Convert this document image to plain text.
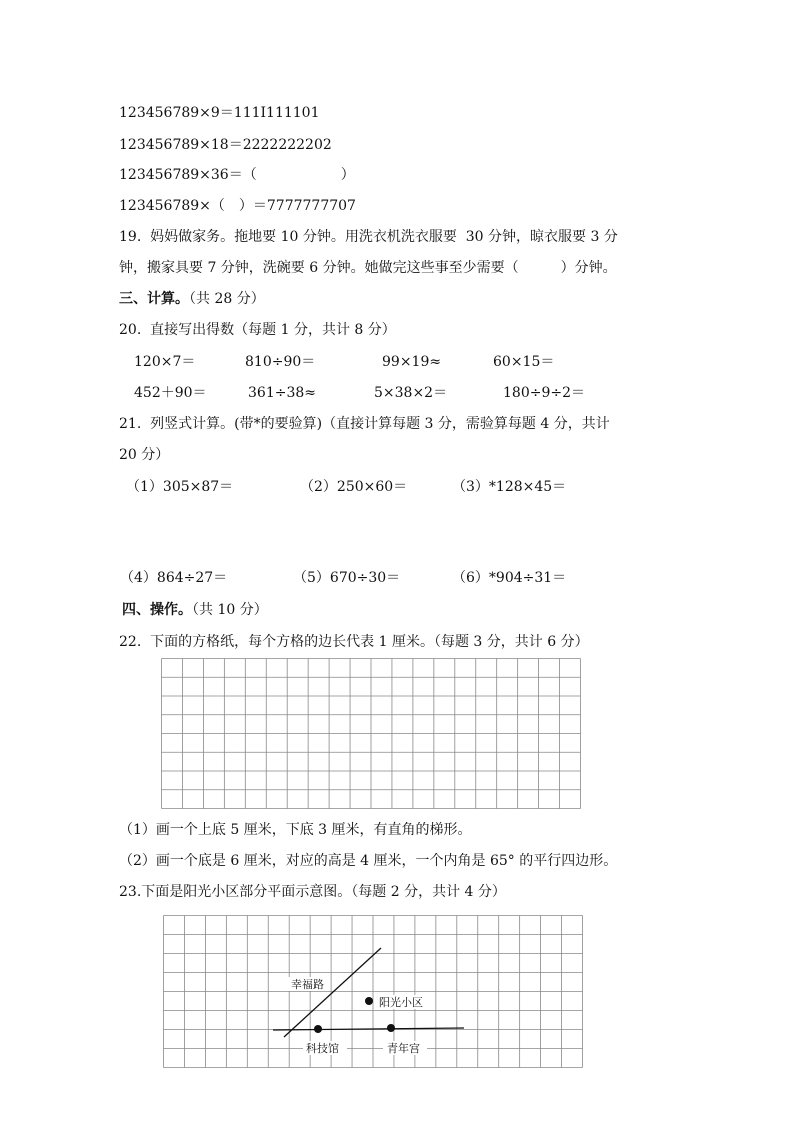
123456789×9＝111I111101
123456789×18＝2222222202
123456789×36＝（　　　　　　）
123456789×（　）＝7777777707
19.  妈妈做家务。拖地要 10 分钟。用洗衣机洗衣服要  30 分钟，晾衣服要 3 分
钟，搬家具要 7 分钟，洗碗要 6 分钟。她做完这些事至少需要（　　　）分钟。
三、计算。（共 28 分）
20.  直接写出得数（每题 1 分，共计 8 分）
120×7＝	810÷90＝	99×19≈	60×15＝
452＋90＝	361÷38≈	5×38×2＝	180÷9÷2＝
21.  列竖式计算。(带*的要验算)（直接计算每题 3 分，需验算每题 4 分，共计
20 分）
（1）305×87＝	（2）250×60＝	（3）*128×45＝
（4）864÷27＝	（5）670÷30＝	（6）*904÷31＝
四、操作。（共 10 分）
22.  下面的方格纸，每个方格的边长代表 1 厘米。（每题 3 分，共计 6 分）
（1）画一个上底 5 厘米，下底 3 厘米，有直角的梯形。
（2）画一个底是 6 厘米，对应的高是 4 厘米，一个内角是 65° 的平行四边形。
23.下面是阳光小区部分平面示意图。（每题 2 分，共计 4 分）
幸福路
阳光小区
科技馆	青年宫
